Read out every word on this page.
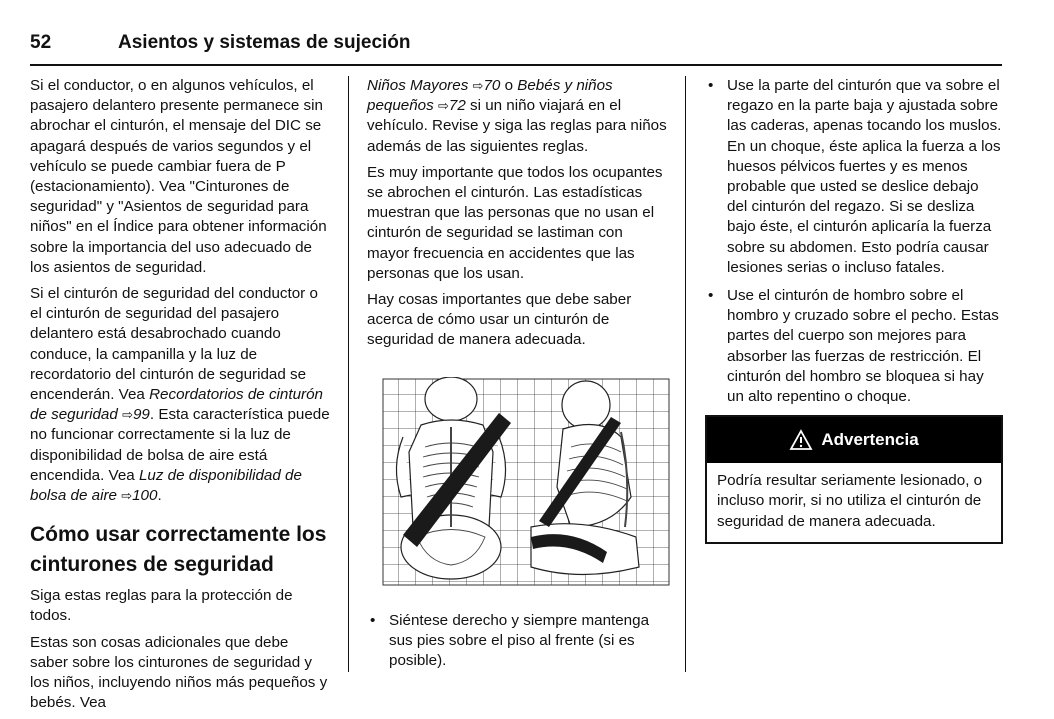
52	Asientos y sistemas de sujeción

Si el conductor, o en algunos vehículos, el pasajero delantero presente permanece sin abrochar el cinturón, el mensaje del DIC se apagará después de varios segundos y el vehículo se puede cambiar fuera de P (estacionamiento). Vea "Cinturones de seguridad" y "Asientos de seguridad para niños" en el Índice para obtener información sobre la importancia del uso adecuado de los asientos de seguridad.

Si el cinturón de seguridad del conductor o el cinturón de seguridad del pasajero delantero está desabrochado cuando conduce, la campanilla y la luz de recordatorio del cinturón de seguridad se encenderán. Vea Recordatorios de cinturón de seguridad ⇨99. Esta característica puede no funcionar correctamente si la luz de disponibilidad de bolsa de aire está encendida. Vea Luz de disponibilidad de bolsa de aire ⇨100.

Cómo usar correctamente los cinturones de seguridad

Siga estas reglas para la protección de todos.

Estas son cosas adicionales que debe saber sobre los cinturones de seguridad y los niños, incluyendo niños más pequeños y bebés. Vea

Niños Mayores ⇨70 o Bebés y niños pequeños ⇨72 si un niño viajará en el vehículo. Revise y siga las reglas para niños además de las siguientes reglas.

Es muy importante que todos los ocupantes se abrochen el cinturón. Las estadísticas muestran que las personas que no usan el cinturón de seguridad se lastiman con mayor frecuencia en accidentes que las personas que los usan.

Hay cosas importantes que debe saber acerca de cómo usar un cinturón de seguridad de manera adecuada.

• Siéntese derecho y siempre mantenga sus pies sobre el piso al frente (si es posible).
• Use la parte del cinturón que va sobre el regazo en la parte baja y ajustada sobre las caderas, apenas tocando los muslos. En un choque, éste aplica la fuerza a los huesos pélvicos fuertes y es menos probable que usted se deslice debajo del cinturón del regazo. Si se desliza bajo éste, el cinturón aplicaría la fuerza sobre su abdomen. Esto podría causar lesiones serias o incluso fatales.
• Use el cinturón de hombro sobre el hombro y cruzado sobre el pecho. Estas partes del cuerpo son mejores para absorber las fuerzas de restricción. El cinturón del hombro se bloquea si hay un alto repentino o choque.
Advertencia
Podría resultar seriamente lesionado, o incluso morir, si no utiliza el cinturón de seguridad de manera adecuada.
